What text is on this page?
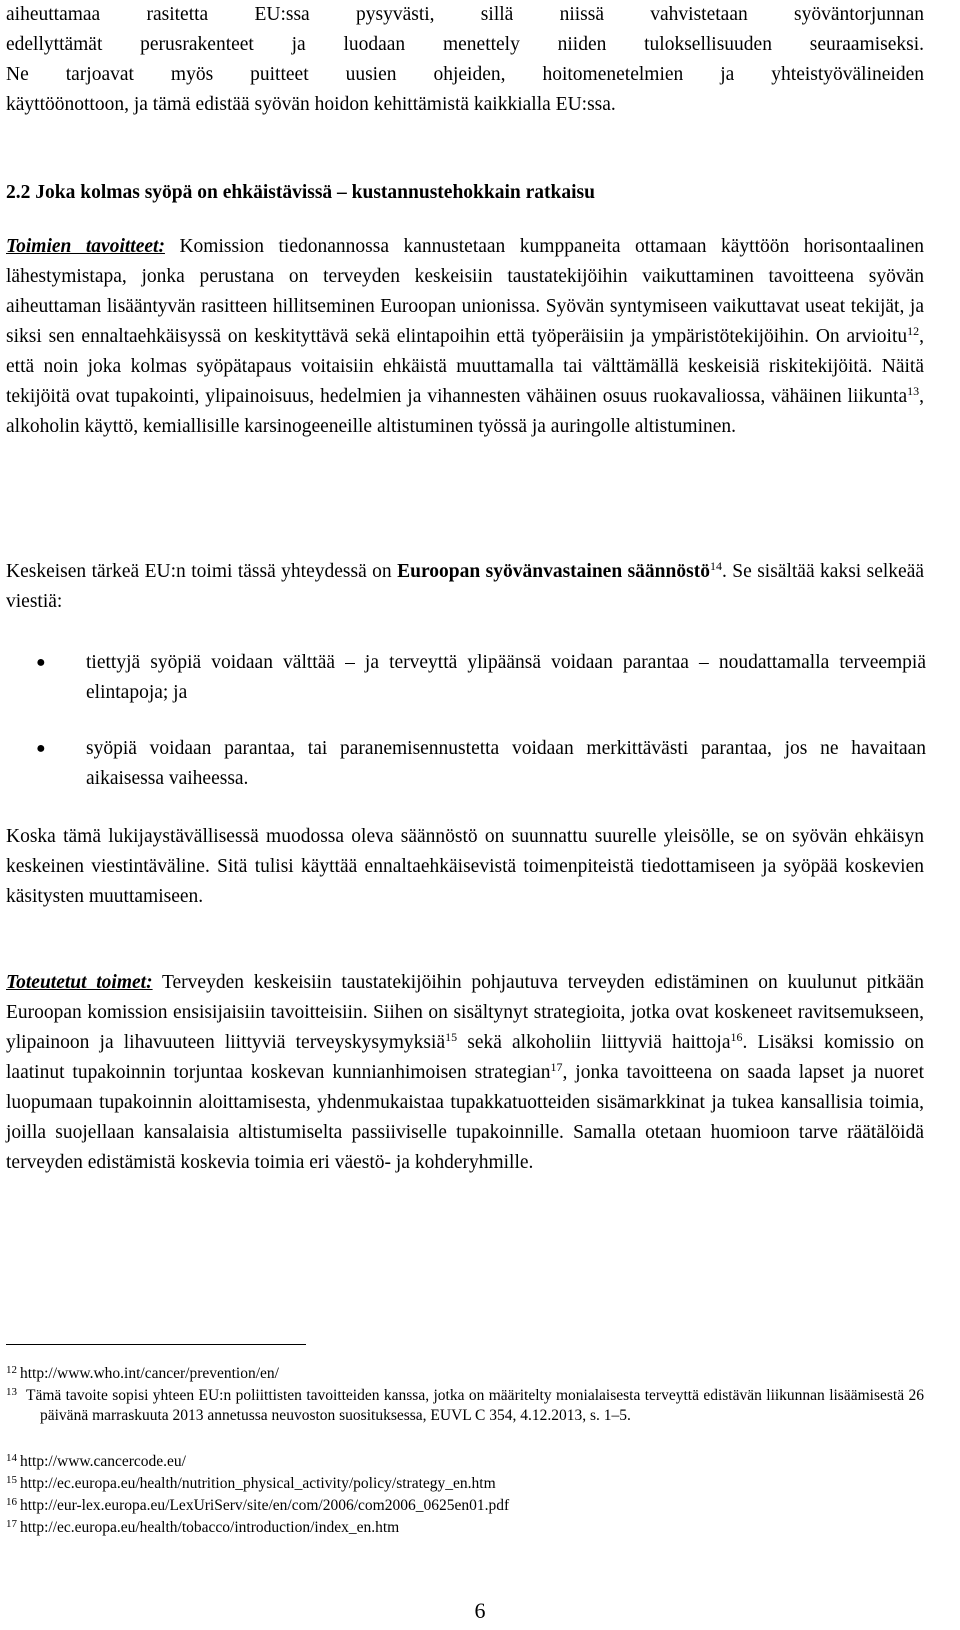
aiheuttamaa rasitetta EU:ssa pysyvästi, sillä niissä vahvistetaan syöväntorjunnan
edellyttämät perusrakenteet ja luodaan menettely niiden tuloksellisuuden seuraamiseksi.
Ne tarjoavat myös puitteet uusien ohjeiden, hoitomenetelmien ja yhteistyövälineiden
käyttöönottoon, ja tämä edistää syövän hoidon kehittämistä kaikkialla EU:ssa.
2.2 Joka kolmas syöpä on ehkäistävissä – kustannustehokkain ratkaisu

Toimien tavoitteet: Komission tiedonannossa kannustetaan kumppaneita ottamaan käyttöön horisontaalinen lähestymistapa, jonka perustana on terveyden keskeisiin taustatekijöihin vaikuttaminen tavoitteena syövän aiheuttaman lisääntyvän rasitteen hillitseminen Euroopan unionissa. Syövän syntymiseen vaikuttavat useat tekijät, ja siksi sen ennaltaehkäisyssä on keskityttävä sekä elintapoihin että työperäisiin ja ympäristötekijöihin. On arvioitu$^{12}$, että noin joka kolmas syöpätapaus voitaisiin ehkäistä muuttamalla tai välttämällä keskeisiä riskitekijöitä. Näitä tekijöitä ovat tupakointi, ylipainoisuus, hedelmien ja vihannesten vähäinen osuus ruokavaliossa, vähäinen liikunta$^{13}$, alkoholin käyttö, kemiallisille karsinogeeneille altistuminen työssä ja auringolle altistuminen.

Keskeisen tärkeä EU:n toimi tässä yhteydessä on Euroopan syövänvastainen säännöstö$^{14}$. Se sisältää kaksi selkeää viestiä:

● tiettyjä syöpiä voidaan välttää – ja terveyttä ylipäänsä voidaan parantaa – noudattamalla terveempiä elintapoja; ja

● syöpiä voidaan parantaa, tai paranemisennustetta voidaan merkittävästi parantaa, jos ne havaitaan aikaisessa vaiheessa.

Koska tämä lukijaystävällisessä muodossa oleva säännöstö on suunnattu suurelle yleisölle, se on syövän ehkäisyn keskeinen viestintäväline. Sitä tulisi käyttää ennaltaehkäisevistä toimenpiteistä tiedottamiseen ja syöpää koskevien käsitysten muuttamiseen.

Toteutetut toimet: Terveyden keskeisiin taustatekijöihin pohjautuva terveyden edistäminen on kuulunut pitkään Euroopan komission ensisijaisiin tavoitteisiin. Siihen on sisältynyt strategioita, jotka ovat koskeneet ravitsemukseen, ylipainoon ja lihavuuteen liittyviä terveyskysymyksiä$^{15}$ sekä alkoholiin liittyviä haittoja$^{16}$. Lisäksi komissio on laatinut tupakoinnin torjuntaa koskevan kunnianhimoisen strategian$^{17}$, jonka tavoitteena on saada lapset ja nuoret luopumaan tupakoinnin aloittamisesta, yhdenmukaistaa tupakkatuotteiden sisämarkkinat ja tukea kansallisia toimia, joilla suojellaan kansalaisia altistumiselta passiiviselle tupakoinnille. Samalla otetaan huomioon tarve räätälöidä terveyden edistämistä koskevia toimia eri väestö- ja kohderyhmille.

12 http://www.who.int/cancer/prevention/en/

13 Tämä tavoite sopisi yhteen EU:n poliittisten tavoitteiden kanssa, jotka on määritelty monialaisesta terveyttä edistävän liikunnan lisäämisestä 26 päivänä marraskuuta 2013 annetussa neuvoston suosituksessa, EUVL C 354, 4.12.2013, s. 1–5.

14 http://www.cancercode.eu/

15 http://ec.europa.eu/health/nutrition_physical_activity/policy/strategy_en.htm

16 http://eur-lex.europa.eu/LexUriServ/site/en/com/2006/com2006_0625en01.pdf

17 http://ec.europa.eu/health/tobacco/introduction/index_en.htm

6
